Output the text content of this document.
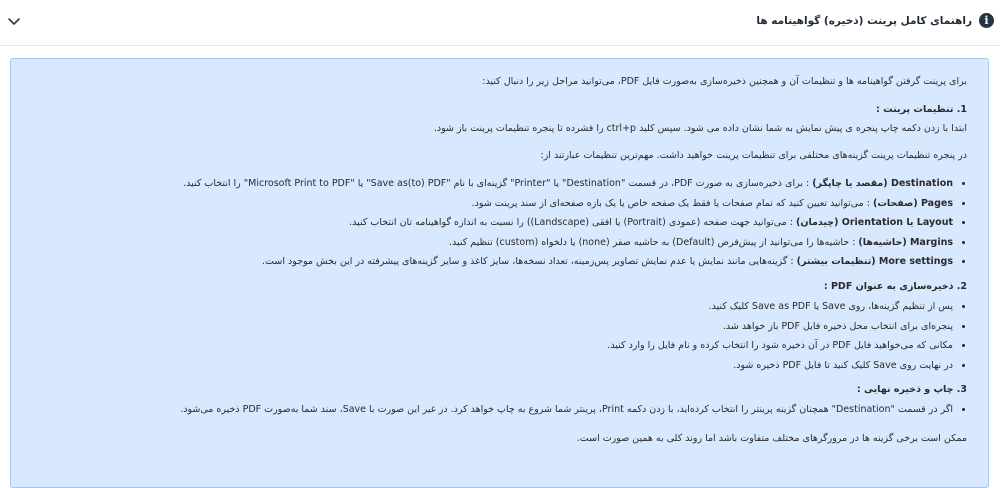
i
راهنمای کامل پرینت (ذخیره) گواهینامه ها

برای پرینت گرفتن گواهینامه ها و تنظیمات آن و همچنین ذخیره‌سازی به‌صورت فایل PDF، می‌توانید مراحل زیر را دنبال کنید:

1. تنظیمات پرینت :

ابتدا با زدن دکمه چاپ پنجره ی پیش نمایش به شما نشان داده می شود. سپس کلید ctrl+p را فشرده تا پنجره تنظیمات پرینت باز شود.

در پنجره تنظیمات پرینت گزینه‌های مختلفی برای تنظیمات پرینت خواهید داشت. مهم‌ترین تنظیمات عبارتند از:

• Destination (مقصد یا چاپگر) : برای ذخیره‌سازی به صورت PDF، در قسمت "Destination" یا "Printer" گزینه‌ای با نام "Save as(to) PDF" یا "Microsoft Print to PDF" را انتخاب کنید.
• Pages (صفحات) : می‌توانید تعیین کنید که تمام صفحات یا فقط یک صفحه خاص یا یک بازه صفحه‌ای از سند پرینت شود.
• Layout یا Orientation (چیدمان) : می‌توانید جهت صفحه (عمودی (Portrait) یا افقی (Landscape)) را نسبت به اندازه گواهینامه تان انتخاب کنید.
• Margins (حاشیه‌ها) : حاشیه‌ها را می‌توانید از پیش‌فرض (Default) به حاشیه صفر (none) یا دلخواه (custom) تنظیم کنید.
• More settings (تنظیمات بیشتر) : گزینه‌هایی مانند نمایش یا عدم نمایش تصاویر پس‌زمینه، تعداد نسخه‌ها، سایز کاغذ و سایر گزینه‌های پیشرفته در این بخش موجود است.

2. ذخیره‌سازی به عنوان PDF :

• پس از تنظیم گزینه‌ها، روی Save یا Save as PDF کلیک کنید.
• پنجره‌ای برای انتخاب محل ذخیره فایل PDF باز خواهد شد.
• مکانی که می‌خواهید فایل PDF در آن ذخیره شود را انتخاب کرده و نام فایل را وارد کنید.
• در نهایت روی Save کلیک کنید تا فایل PDF ذخیره شود.

3. چاپ و ذخیره نهایی :

• اگر در قسمت "Destination" همچنان گزینه پرینتر را انتخاب کرده‌اید، با زدن دکمه Print، پرینتر شما شروع به چاپ خواهد کرد. در غیر این صورت با Save، سند شما به‌صورت PDF ذخیره می‌شود.

ممکن است برخی گزینه ها در مرورگرهای مختلف متفاوت باشد اما روند کلی به همین صورت است.
